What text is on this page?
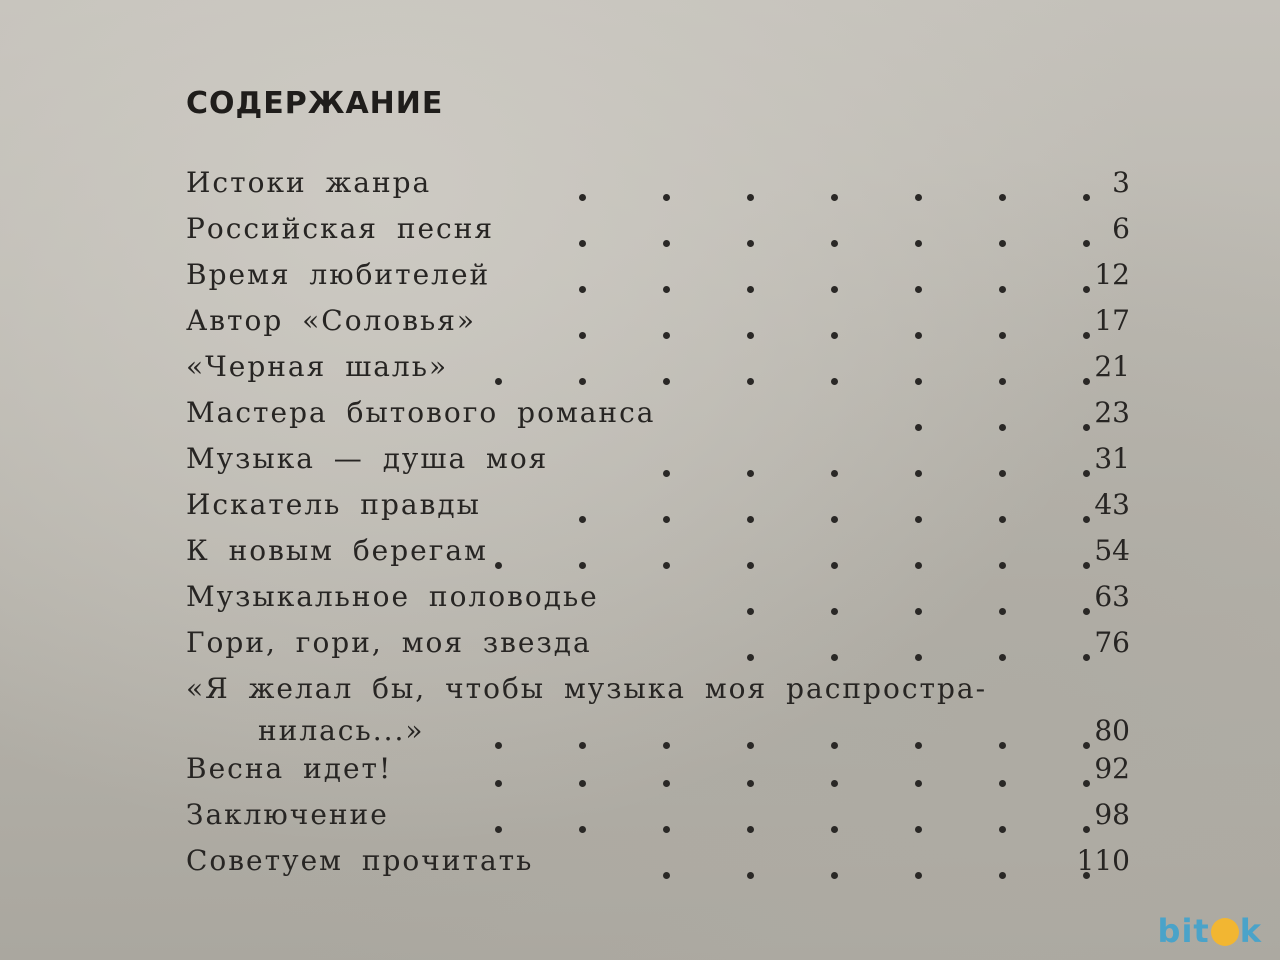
СОДЕРЖАНИЕ
Истоки жанра	3
Российская песня	6
Время любителей	12
Автор «Соловья»	17
«Черная шаль»	21
Мастера бытового романса	23
Музыка — душа моя	31
Искатель правды	43
К новым берегам	54
Музыкальное половодье	63
Гори, гори, моя звезда	76
«Я желал бы, чтобы музыка моя распростра-
нилась...»	80
Весна идет!	92
Заключение	98
Советуем прочитать	110
bit k
